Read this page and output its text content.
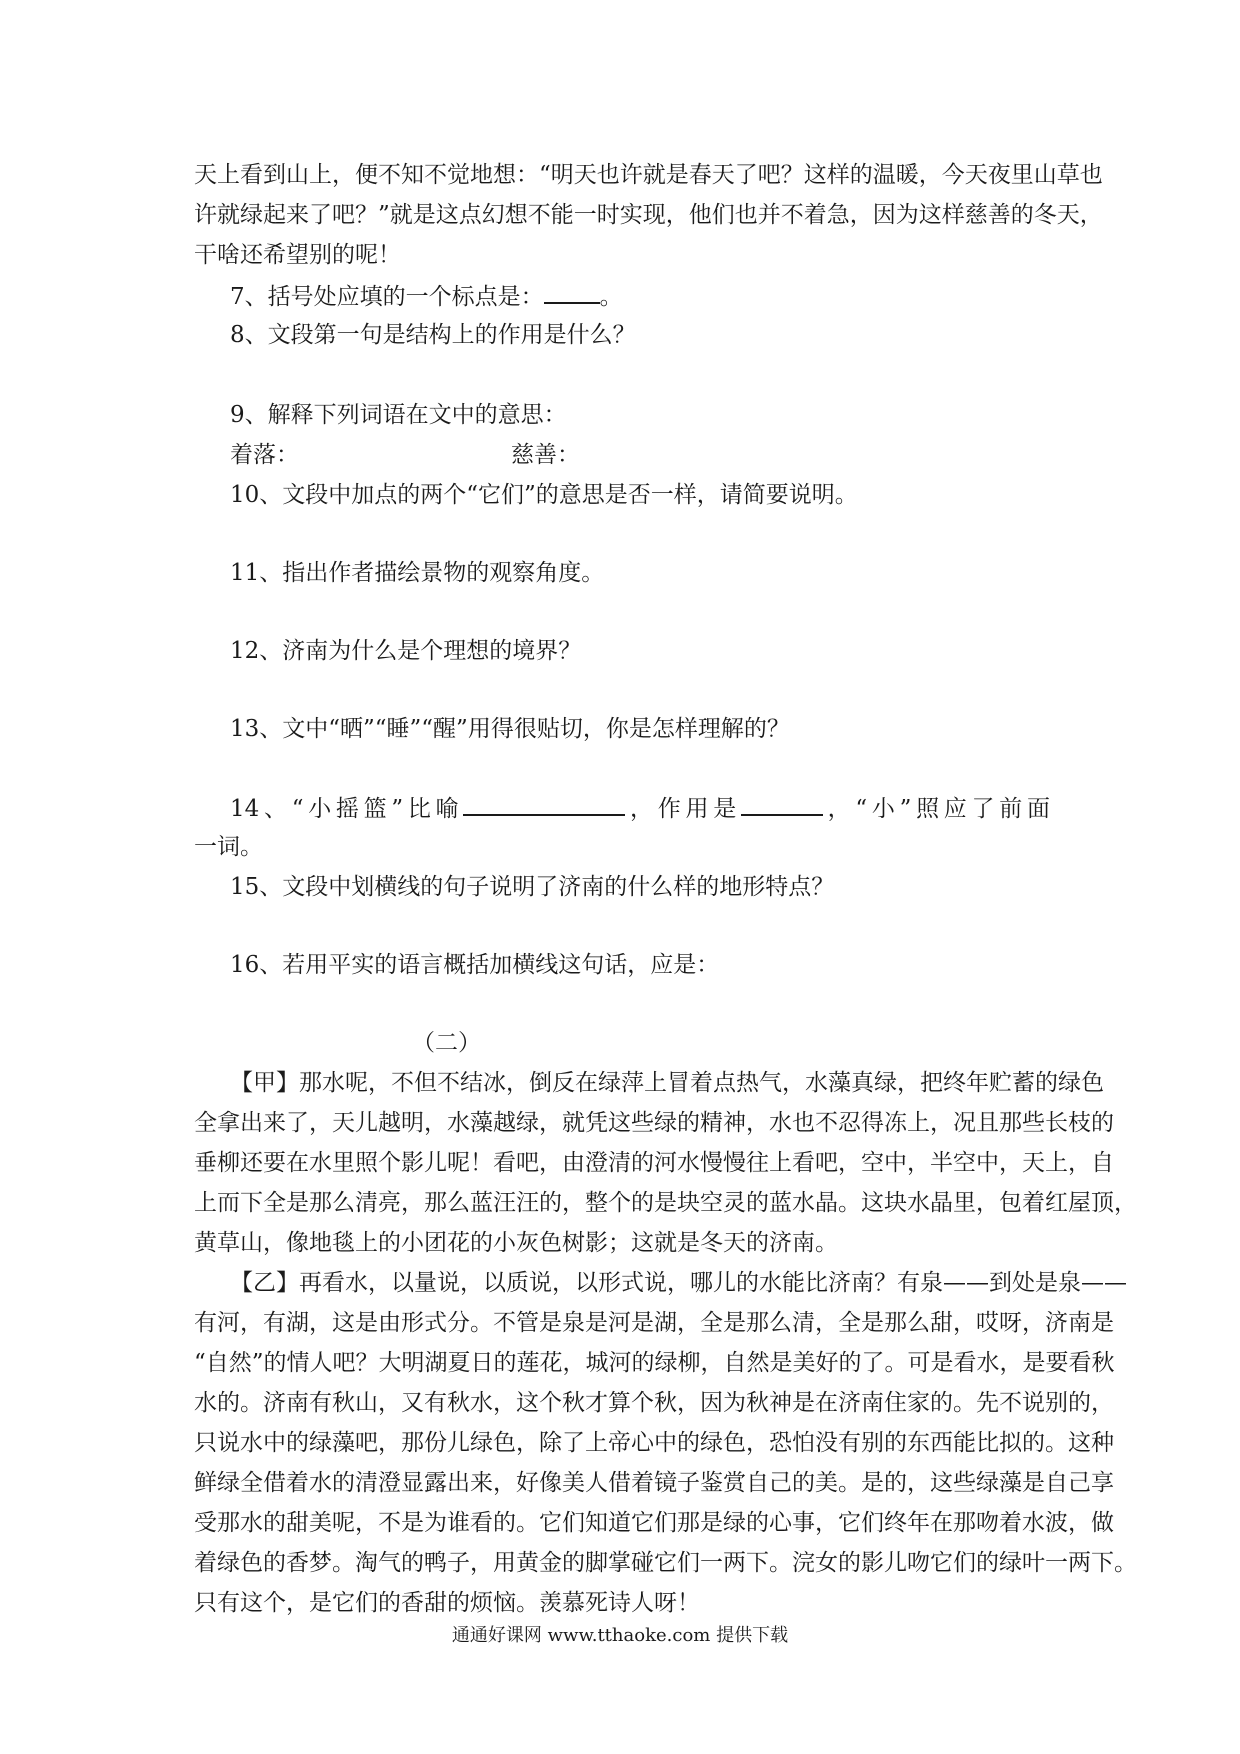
天上看到山上，便不知不觉地想：“明天也许就是春天了吧？这样的温暖，今天夜里山草也
许就绿起来了吧？”就是这点幻想不能一时实现，他们也并不着急，因为这样慈善的冬天，
干啥还希望别的呢！
7、括号处应填的一个标点是： 。
8、文段第一句是结构上的作用是什么？
9、解释下列词语在文中的意思：
着落：	慈善：
10、文段中加点的两个“它们”的意思是否一样，请简要说明。
11、指出作者描绘景物的观察角度。
12、济南为什么是个理想的境界？
13、文中“晒”“睡”“醒”用得很贴切，你是怎样理解的？
14、“小摇篮”比喻	，作用是	，“小”照应了前面
一词。
15、文段中划横线的句子说明了济南的什么样的地形特点？
16、若用平实的语言概括加横线这句话，应是：
（二）
【甲】那水呢，不但不结冰，倒反在绿萍上冒着点热气，水藻真绿，把终年贮蓄的绿色
全拿出来了，天儿越明，水藻越绿，就凭这些绿的精神，水也不忍得冻上，况且那些长枝的
垂柳还要在水里照个影儿呢！看吧，由澄清的河水慢慢往上看吧，空中，半空中，天上，自
上而下全是那么清亮，那么蓝汪汪的，整个的是块空灵的蓝水晶。这块水晶里，包着红屋顶，
黄草山，像地毯上的小团花的小灰色树影；这就是冬天的济南。
【乙】再看水，以量说，以质说，以形式说，哪儿的水能比济南？有泉——到处是泉——
有河，有湖，这是由形式分。不管是泉是河是湖，全是那么清，全是那么甜，哎呀，济南是
“自然”的情人吧？大明湖夏日的莲花，城河的绿柳，自然是美好的了。可是看水，是要看秋
水的。济南有秋山，又有秋水，这个秋才算个秋，因为秋神是在济南住家的。先不说别的，
只说水中的绿藻吧，那份儿绿色，除了上帝心中的绿色，恐怕没有别的东西能比拟的。这种
鲜绿全借着水的清澄显露出来，好像美人借着镜子鉴赏自己的美。是的，这些绿藻是自己享
受那水的甜美呢，不是为谁看的。它们知道它们那是绿的心事，它们终年在那吻着水波，做
着绿色的香梦。淘气的鸭子，用黄金的脚掌碰它们一两下。浣女的影儿吻它们的绿叶一两下。
只有这个，是它们的香甜的烦恼。羡慕死诗人呀！
通通好课网 www.tthaoke.com 提供下载
